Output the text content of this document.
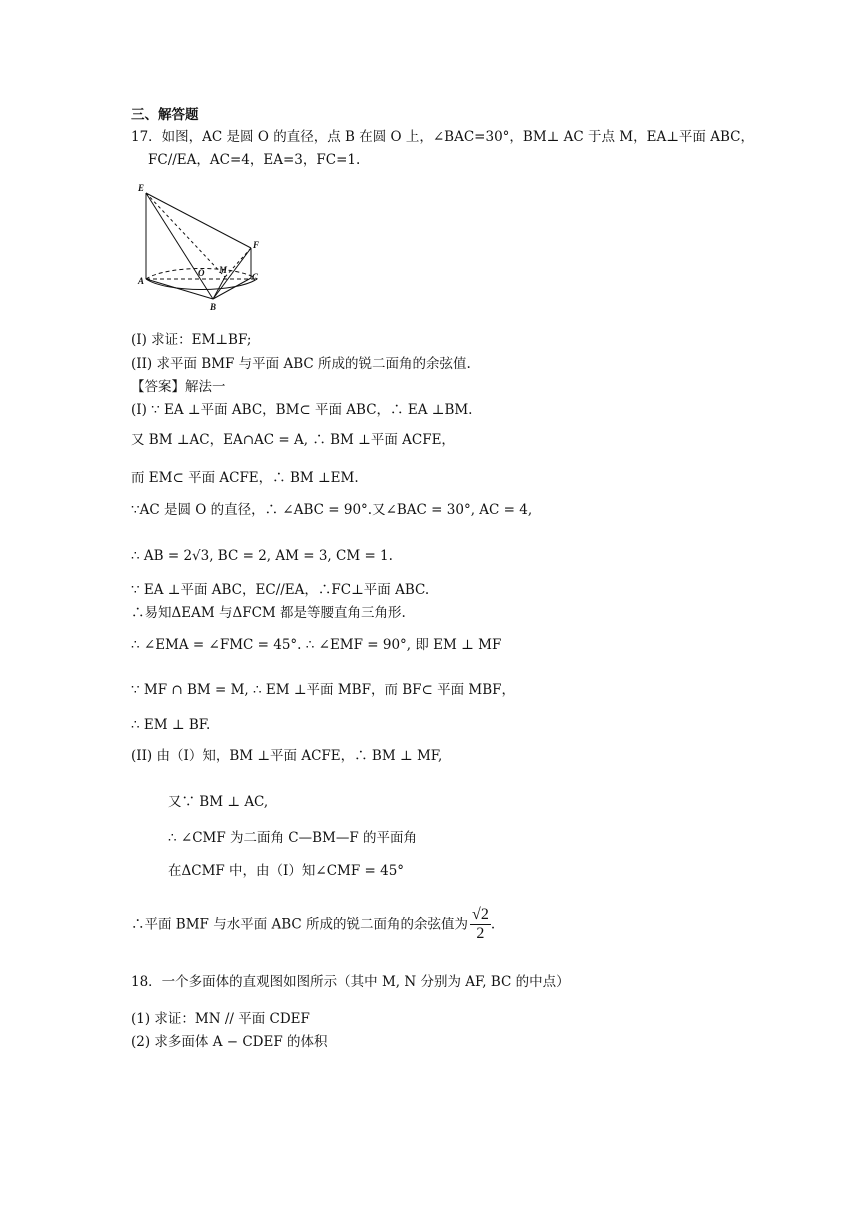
三、解答题
17．如图，AC 是圆 O 的直径，点 B 在圆 O 上，∠BAC=30°，BM⊥ AC 于点 M，EA⊥平面 ABC，
FC//EA，AC=4，EA=3，FC=1.
E
F
O M
A	C
B
(I) 求证：EM⊥BF;
(II) 求平面 BMF 与平面 ABC 所成的锐二面角的余弦值.
【答案】解法一
(I) ∵ EA ⊥平面 ABC，BM⊂ 平面 ABC，∴ EA ⊥BM.
又 BM ⊥AC，EA∩AC = A, ∴ BM ⊥平面 ACFE，
而 EM⊂ 平面 ACFE，∴ BM ⊥EM.
∵AC 是圆 O 的直径，∴ ∠ABC = 90°.又∠BAC = 30°, AC = 4,
∴ AB = 2√3, BC = 2, AM = 3, CM = 1.
∵ EA ⊥平面 ABC，EC//EA，∴FC⊥平面 ABC.
∴易知ΔEAM 与ΔFCM 都是等腰直角三角形.
∴ ∠EMA = ∠FMC = 45°. ∴ ∠EMF = 90°, 即 EM ⊥ MF
∵ MF ∩ BM = M, ∴ EM ⊥平面 MBF，而 BF⊂ 平面 MBF，
∴ EM ⊥ BF.
(II) 由（I）知，BM ⊥平面 ACFE，∴ BM ⊥ MF,
又∵ BM ⊥ AC,
∴ ∠CMF 为二面角 C—BM—F 的平面角
在ΔCMF 中，由（I）知∠CMF = 45°
∴平面 BMF 与水平面 ABC 所成的锐二面角的余弦值为 $\frac{√2}{2}$ .
18．一个多面体的直观图如图所示（其中 M, N 分别为 AF, BC 的中点）
(1) 求证：MN // 平面 CDEF
(2) 求多面体 A − CDEF 的体积
